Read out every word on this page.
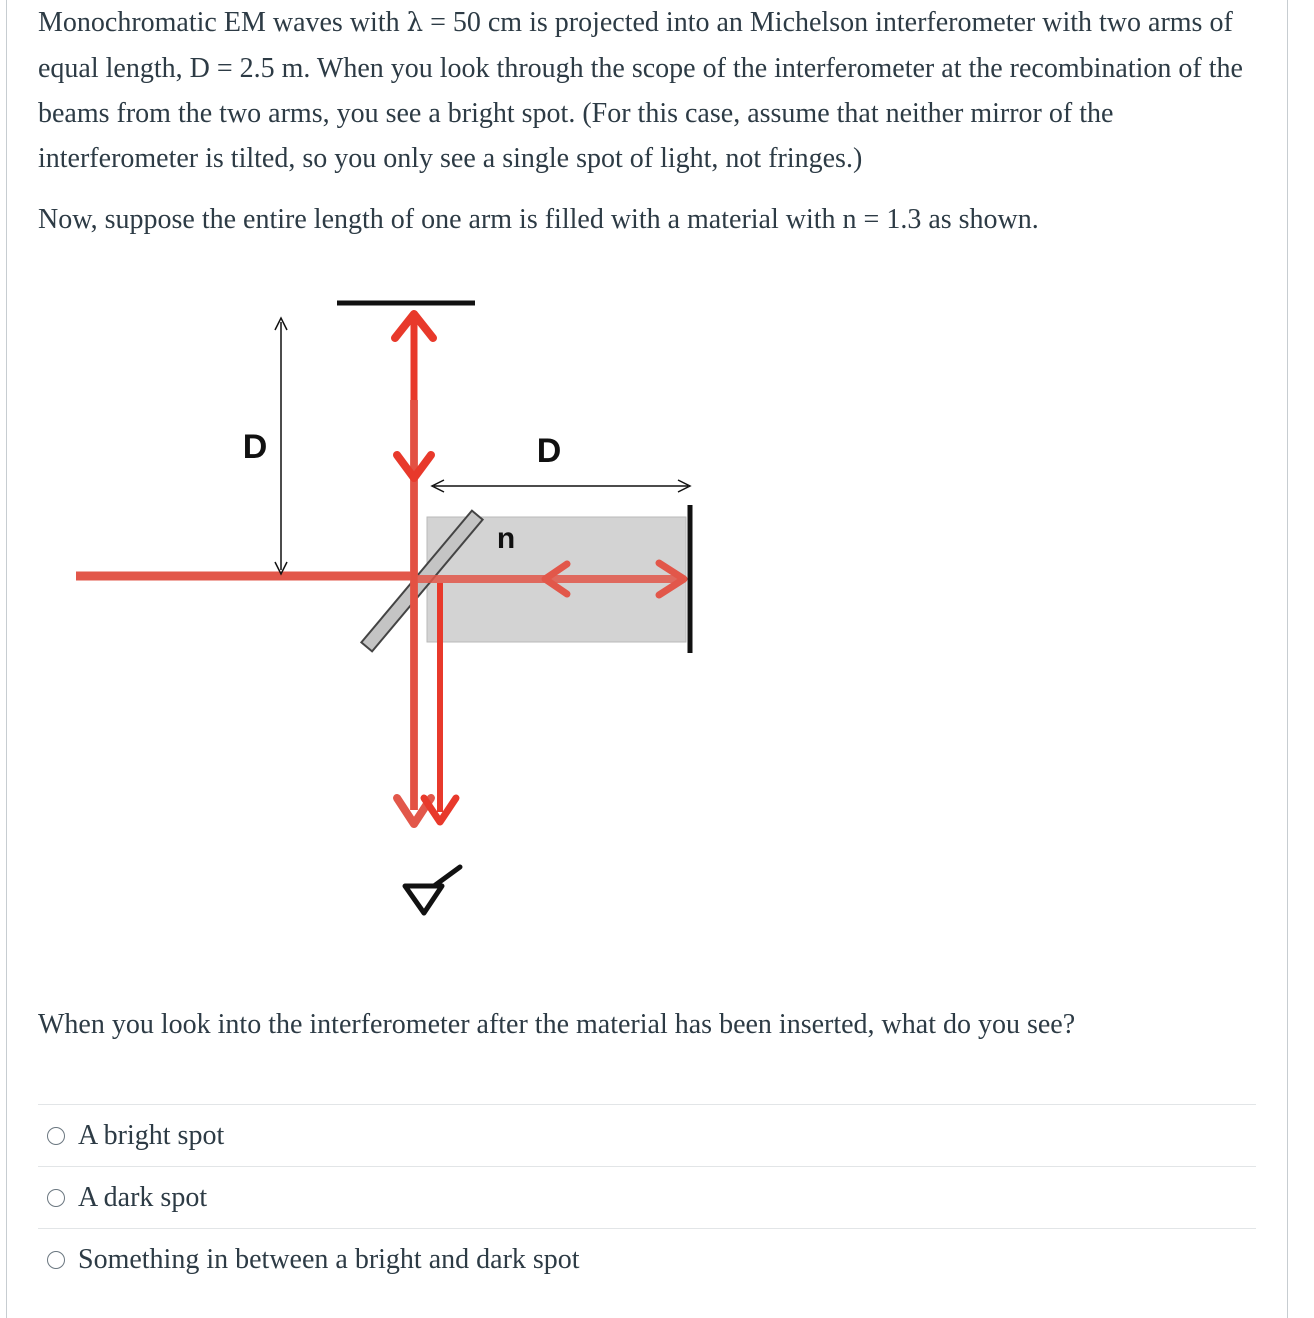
Monochromatic EM waves with λ = 50 cm is projected into an Michelson interferometer with two arms of equal length, D = 2.5 m. When you look through the scope of the interferometer at the recombination of the beams from the two arms, you see a bright spot. (For this case, assume that neither mirror of the interferometer is tilted, so you only see a single spot of light, not fringes.)
Now, suppose the entire length of one arm is filled with a material with n = 1.3 as shown.
D	D
n
When you look into the interferometer after the material has been inserted, what do you see?
A bright spot
A dark spot
Something in between a bright and dark spot
